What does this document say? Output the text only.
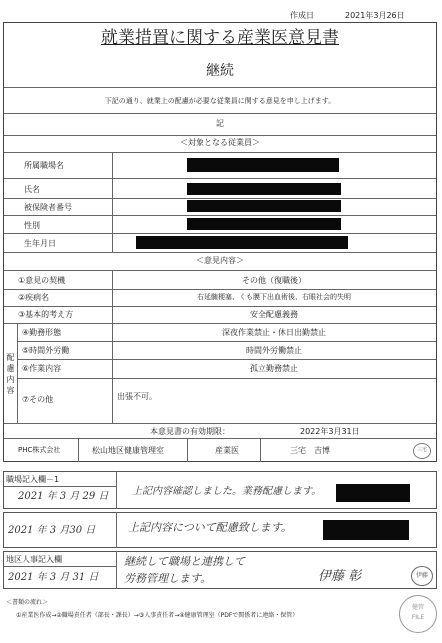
作成日	2021年3月26日
就業措置に関する産業医意見書
継続
下記の通り、就業上の配慮が必要な従業員に関する意見を申し上げます。
記
＜対象となる従業員＞
所属職場名
氏名
被保険者番号
性別
生年月日
＜意見内容＞
①意見の契機	その他（復職後）
②疾病名	右延髄梗塞、くも膜下出血術後、右眼社会的失明
③基本的考え方	安全配慮義務
配慮内容
④勤務形態	深夜作業禁止・休日出勤禁止
⑤時間外労働	時間外労働禁止
⑥作業内容	孤立勤務禁止
⑦その他	出張不可。
本意見書の有効期限：	2022年3月31日
PHC株式会社	松山地区健康管理室	産業医	三宅　吉博	三宅
職場記入欄－1
2021 年 3 月 29 日 上記内容確認しました。業務配慮します。
2021 年 3 月30 日	上記内容について配慮致します。
地区人事記入欄
2021 年 3 月 31 日
継続して職場と連携して
労務管理します。	伊藤 彰	伊藤
＜書類の流れ＞
①産業医作成→②職場責任者（部長・課長）→③人事責任者→④健康管理室（PDFで関係者に連絡・保管）
健管
FILE
